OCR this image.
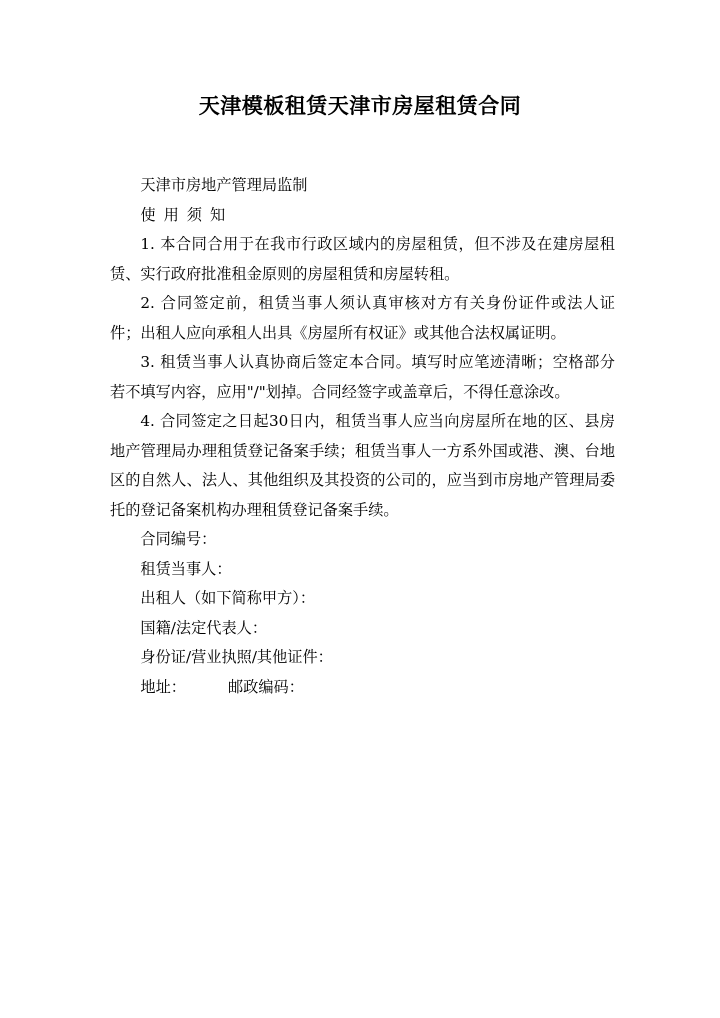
天津模板租赁天津市房屋租赁合同

天津市房地产管理局监制

使用须知

1. 本合同合用于在我市行政区域内的房屋租赁，但不涉及在建房屋租赁、实行政府批准租金原则的房屋租赁和房屋转租。

2. 合同签定前，租赁当事人须认真审核对方有关身份证件或法人证件；出租人应向承租人出具《房屋所有权证》或其他合法权属证明。

3. 租赁当事人认真协商后签定本合同。填写时应笔迹清晰；空格部分若不填写内容，应用"/"划掉。合同经签字或盖章后，不得任意涂改。

4. 合同签定之日起30日内，租赁当事人应当向房屋所在地的区、县房地产管理局办理租赁登记备案手续；租赁当事人一方系外国或港、澳、台地区的自然人、法人、其他组织及其投资的公司的，应当到市房地产管理局委托的登记备案机构办理租赁登记备案手续。

合同编号：

租赁当事人：

出租人（如下简称甲方）：

国籍/法定代表人：

身份证/营业执照/其他证件：

地址：	邮政编码：
